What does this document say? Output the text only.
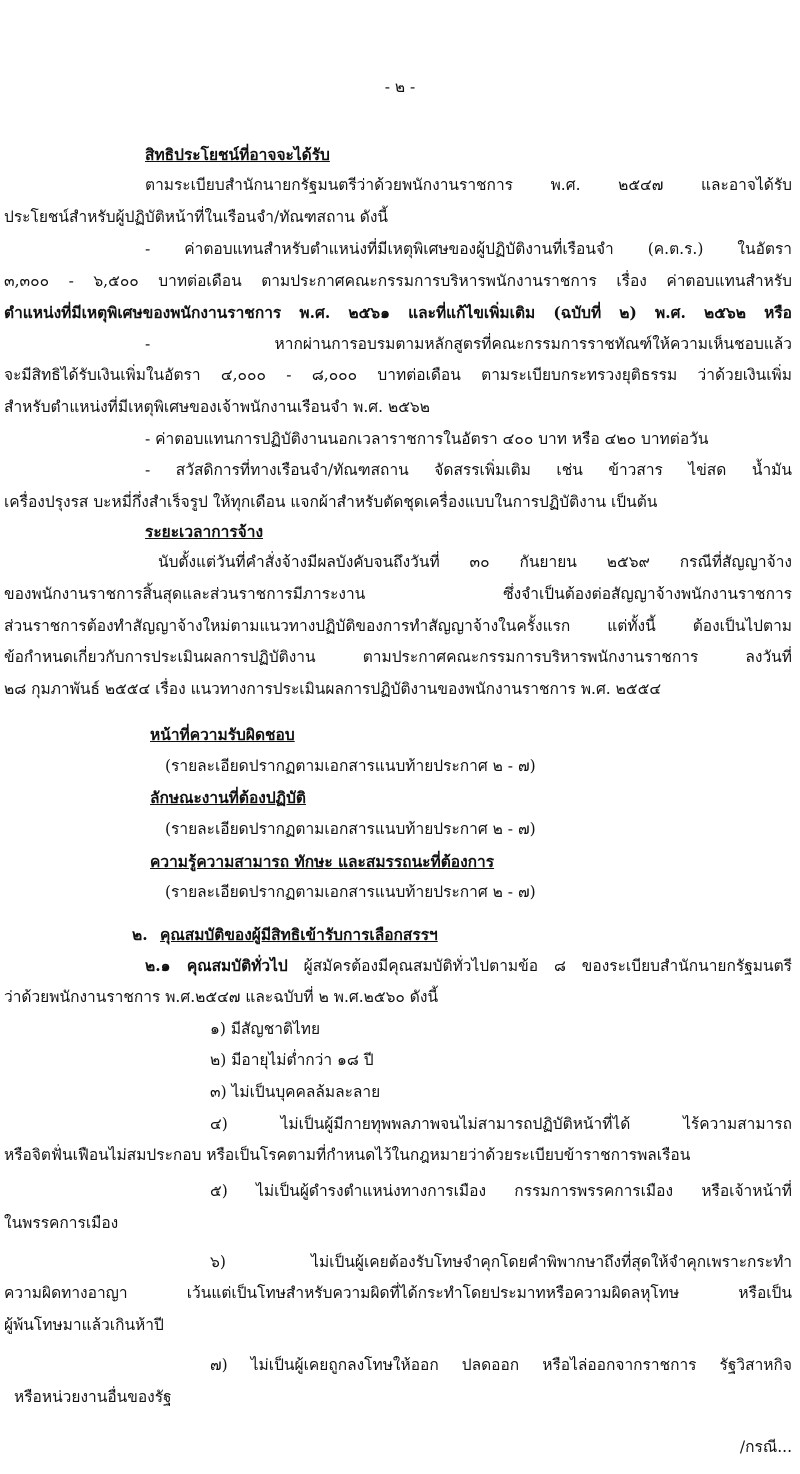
- ๒ -
สิทธิประโยชน์ที่อาจจะได้รับ
ตามระเบียบสำนักนายกรัฐมนตรีว่าด้วยพนักงานราชการ พ.ศ. ๒๕๔๗ และอาจได้รับ
ประโยชน์สำหรับผู้ปฏิบัติหน้าที่ในเรือนจำ/ทัณฑสถาน ดังนี้
- ค่าตอบแทนสำหรับตำแหน่งที่มีเหตุพิเศษของผู้ปฏิบัติงานที่เรือนจำ (ค.ต.ร.) ในอัตรา
๓,๓๐๐ - ๖,๕๐๐ บาทต่อเดือน ตามประกาศคณะกรรมการบริหารพนักงานราชการ เรื่อง ค่าตอบแทนสำหรับ
ตำแหน่งที่มีเหตุพิเศษของพนักงานราชการ พ.ศ. ๒๕๖๑ และที่แก้ไขเพิ่มเติม (ฉบับที่ ๒) พ.ศ. ๒๕๖๒ หรือ
- หากผ่านการอบรมตามหลักสูตรที่คณะกรรมการราชทัณฑ์ให้ความเห็นชอบแล้ว
จะมีสิทธิได้รับเงินเพิ่มในอัตรา ๔,๐๐๐ - ๘,๐๐๐ บาทต่อเดือน ตามระเบียบกระทรวงยุติธรรม ว่าด้วยเงินเพิ่ม
สำหรับตำแหน่งที่มีเหตุพิเศษของเจ้าพนักงานเรือนจำ พ.ศ. ๒๕๖๒
- ค่าตอบแทนการปฏิบัติงานนอกเวลาราชการในอัตรา ๔๐๐ บาท หรือ ๔๒๐ บาทต่อวัน
- สวัสดิการที่ทางเรือนจำ/ทัณฑสถาน จัดสรรเพิ่มเติม เช่น ข้าวสาร ไข่สด น้ำมัน
เครื่องปรุงรส บะหมี่กึ่งสำเร็จรูป ให้ทุกเดือน แจกผ้าสำหรับตัดชุดเครื่องแบบในการปฏิบัติงาน เป็นต้น
ระยะเวลาการจ้าง
นับตั้งแต่วันที่คำสั่งจ้างมีผลบังคับจนถึงวันที่ ๓๐ กันยายน ๒๕๖๙ กรณีที่สัญญาจ้าง
ของพนักงานราชการสิ้นสุดและส่วนราชการมีภาระงาน ซึ่งจำเป็นต้องต่อสัญญาจ้างพนักงานราชการ
ส่วนราชการต้องทำสัญญาจ้างใหม่ตามแนวทางปฏิบัติของการทำสัญญาจ้างในครั้งแรก แต่ทั้งนี้ ต้องเป็นไปตาม
ข้อกำหนดเกี่ยวกับการประเมินผลการปฏิบัติงาน ตามประกาศคณะกรรมการบริหารพนักงานราชการ ลงวันที่
๒๘ กุมภาพันธ์ ๒๕๕๔ เรื่อง แนวทางการประเมินผลการปฏิบัติงานของพนักงานราชการ พ.ศ. ๒๕๕๔
หน้าที่ความรับผิดชอบ
(รายละเอียดปรากฏตามเอกสารแนบท้ายประกาศ ๒ - ๗)
ลักษณะงานที่ต้องปฏิบัติ
(รายละเอียดปรากฏตามเอกสารแนบท้ายประกาศ ๒ - ๗)
ความรู้ความสามารถ ทักษะ และสมรรถนะที่ต้องการ
(รายละเอียดปรากฏตามเอกสารแนบท้ายประกาศ ๒ - ๗)
๒. คุณสมบัติของผู้มีสิทธิเข้ารับการเลือกสรรฯ
๒.๑ คุณสมบัติทั่วไป ผู้สมัครต้องมีคุณสมบัติทั่วไปตามข้อ ๘ ของระเบียบสำนักนายกรัฐมนตรี
ว่าด้วยพนักงานราชการ พ.ศ.๒๕๔๗ และฉบับที่ ๒ พ.ศ.๒๕๖๐ ดังนี้
๑) มีสัญชาติไทย
๒) มีอายุไม่ต่ำกว่า ๑๘ ปี
๓) ไม่เป็นบุคคลล้มละลาย
๔) ไม่เป็นผู้มีกายทุพพลภาพจนไม่สามารถปฏิบัติหน้าที่ได้ ไร้ความสามารถ
หรือจิตฟั่นเฟือนไม่สมประกอบ หรือเป็นโรคตามที่กำหนดไว้ในกฎหมายว่าด้วยระเบียบข้าราชการพลเรือน
๕) ไม่เป็นผู้ดำรงตำแหน่งทางการเมือง กรรมการพรรคการเมือง หรือเจ้าหน้าที่
ในพรรคการเมือง
๖) ไม่เป็นผู้เคยต้องรับโทษจำคุกโดยคำพิพากษาถึงที่สุดให้จำคุกเพราะกระทำ
ความผิดทางอาญา เว้นแต่เป็นโทษสำหรับความผิดที่ได้กระทำโดยประมาทหรือความผิดลหุโทษ หรือเป็น
ผู้พ้นโทษมาแล้วเกินห้าปี
๗) ไม่เป็นผู้เคยถูกลงโทษให้ออก ปลดออก หรือไล่ออกจากราชการ รัฐวิสาหกิจ
หรือหน่วยงานอื่นของรัฐ
/กรณี...
